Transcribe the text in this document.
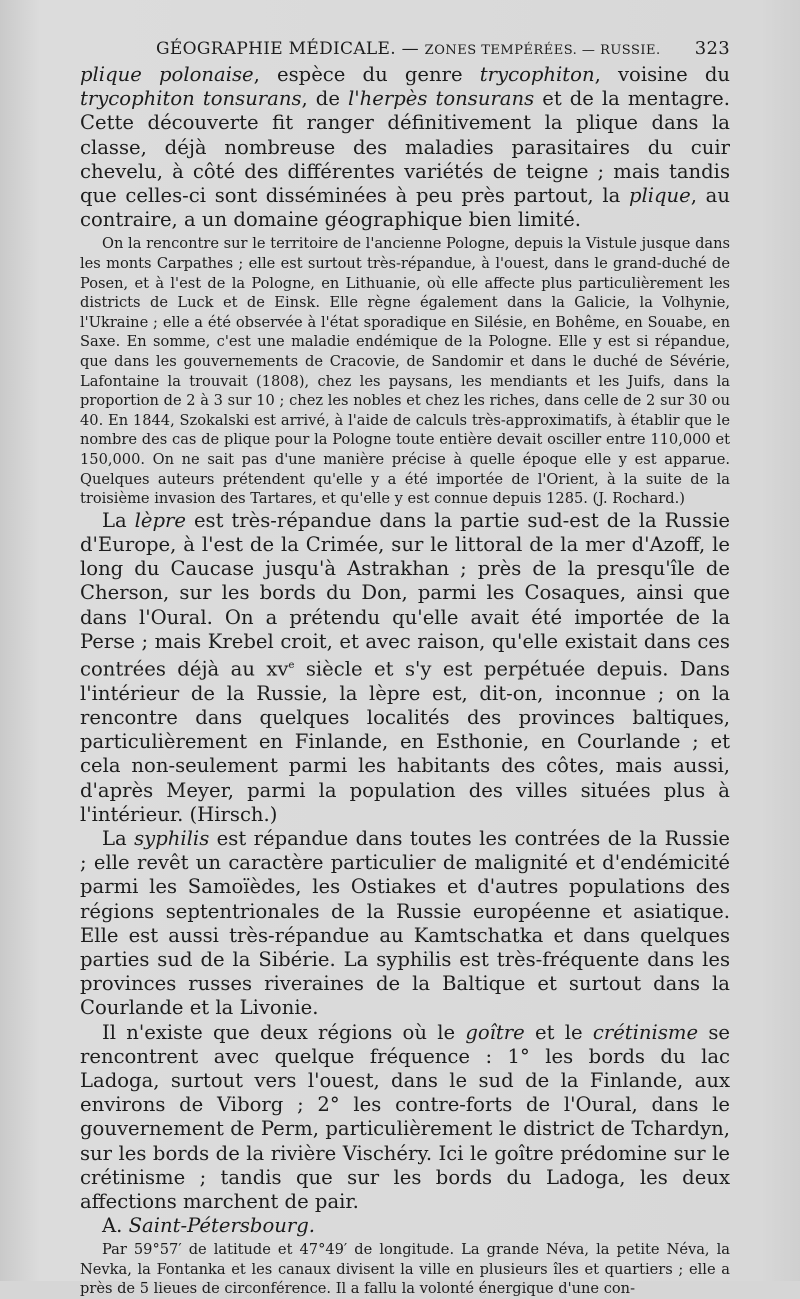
GÉOGRAPHIE MÉDICALE. — ZONES TEMPÉRÉES. — RUSSIE. 323

plique polonaise, espèce du genre trycophiton, voisine du trycophiton tonsurans, de l'herpès tonsurans et de la mentagre. Cette découverte fit ranger définitivement la plique dans la classe, déjà nombreuse des maladies parasitaires du cuir chevelu, à côté des différentes variétés de teigne ; mais tandis que celles-ci sont disséminées à peu près partout, la plique, au contraire, a un domaine géographique bien limité.

On la rencontre sur le territoire de l'ancienne Pologne, depuis la Vistule jusque dans les monts Carpathes ; elle est surtout très-répandue, à l'ouest, dans le grand-duché de Posen, et à l'est de la Pologne, en Lithuanie, où elle affecte plus particulièrement les districts de Luck et de Einsk. Elle règne également dans la Galicie, la Volhynie, l'Ukraine ; elle a été observée à l'état sporadique en Silésie, en Bohême, en Souabe, en Saxe. En somme, c'est une maladie endémique de la Pologne. Elle y est si répandue, que dans les gouvernements de Cracovie, de Sandomir et dans le duché de Sévérie, Lafontaine la trouvait (1808), chez les paysans, les mendiants et les Juifs, dans la proportion de 2 à 3 sur 10 ; chez les nobles et chez les riches, dans celle de 2 sur 30 ou 40. En 1844, Szokalski est arrivé, à l'aide de calculs très-approximatifs, à établir que le nombre des cas de plique pour la Pologne toute entière devait osciller entre 110,000 et 150,000. On ne sait pas d'une manière précise à quelle époque elle y est apparue. Quelques auteurs prétendent qu'elle y a été importée de l'Orient, à la suite de la troisième invasion des Tartares, et qu'elle y est connue depuis 1285. (J. Rochard.)

La lèpre est très-répandue dans la partie sud-est de la Russie d'Europe, à l'est de la Crimée, sur le littoral de la mer d'Azoff, le long du Caucase jusqu'à Astrakhan ; près de la presqu'île de Cherson, sur les bords du Don, parmi les Cosaques, ainsi que dans l'Oural. On a prétendu qu'elle avait été importée de la Perse ; mais Krebel croit, et avec raison, qu'elle existait dans ces contrées déjà au $xv^e$ siècle et s'y est perpétuée depuis. Dans l'intérieur de la Russie, la lèpre est, dit-on, inconnue ; on la rencontre dans quelques localités des provinces baltiques, particulièrement en Finlande, en Esthonie, en Courlande ; et cela non-seulement parmi les habitants des côtes, mais aussi, d'après Meyer, parmi la population des villes situées plus à l'intérieur. (Hirsch.)

La syphilis est répandue dans toutes les contrées de la Russie ; elle revêt un caractère particulier de malignité et d'endémicité parmi les Samoïèdes, les Ostiakes et d'autres populations des régions septentrionales de la Russie européenne et asiatique. Elle est aussi très-répandue au Kamtschatka et dans quelques parties sud de la Sibérie. La syphilis est très-fréquente dans les provinces russes riveraines de la Baltique et surtout dans la Courlande et la Livonie.

Il n'existe que deux régions où le goître et le crétinisme se rencontrent avec quelque fréquence : 1° les bords du lac Ladoga, surtout vers l'ouest, dans le sud de la Finlande, aux environs de Viborg ; 2° les contre-forts de l'Oural, dans le gouvernement de Perm, particulièrement le district de Tchardyn, sur les bords de la rivière Vischéry. Ici le goître prédomine sur le crétinisme ; tandis que sur les bords du Ladoga, les deux affections marchent de pair.

A. Saint-Pétersbourg.

Par 59°57′ de latitude et 47°49′ de longitude. La grande Néva, la petite Néva, la Nevka, la Fontanka et les canaux divisent la ville en plusieurs îles et quartiers ; elle a près de 5 lieues de circonférence. Il a fallu la volonté énergique d'une con-
